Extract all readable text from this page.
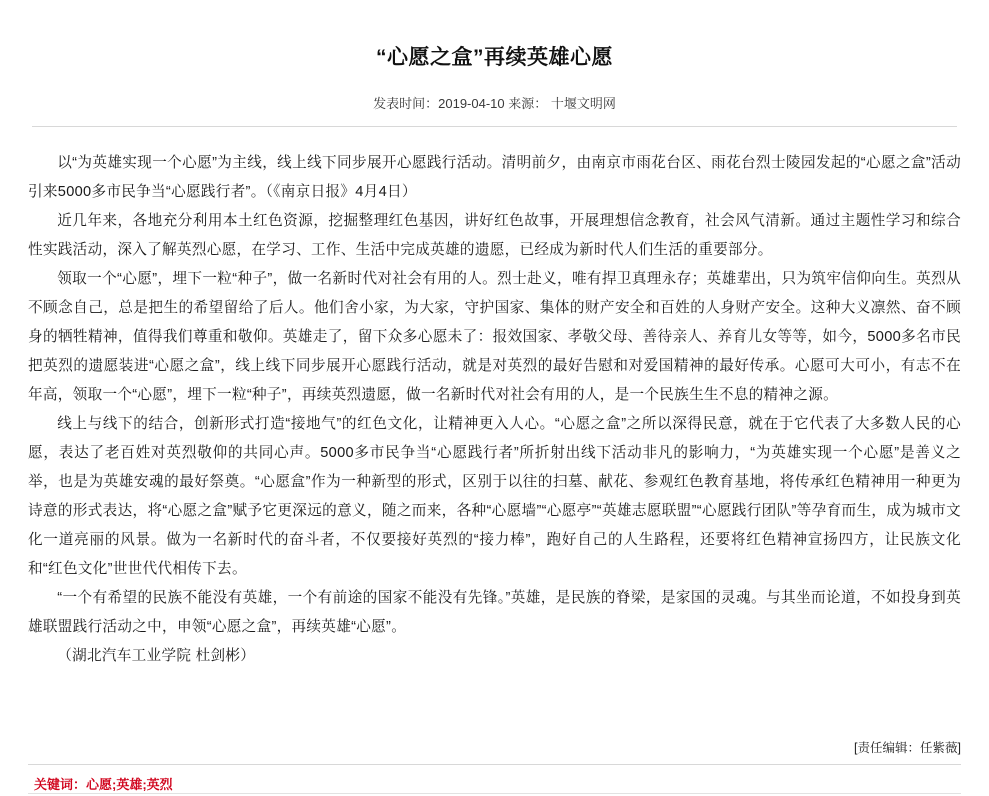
“心愿之盒”再续英雄心愿
发表时间：2019-04-10 来源： 十堰文明网

以“为英雄实现一个心愿”为主线，线上线下同步展开心愿践行活动。清明前夕，由南京市雨花台区、雨花台烈士陵园发起的“心愿之盒”活动引来5000多市民争当“心愿践行者”。（《南京日报》4月4日）

近几年来，各地充分利用本土红色资源，挖掘整理红色基因，讲好红色故事，开展理想信念教育，社会风气清新。通过主题性学习和综合性实践活动，深入了解英烈心愿，在学习、工作、生活中完成英雄的遗愿，已经成为新时代人们生活的重要部分。

领取一个“心愿”，埋下一粒“种子”，做一名新时代对社会有用的人。烈士赴义，唯有捍卫真理永存；英雄辈出，只为筑牢信仰向生。英烈从不顾念自己，总是把生的希望留给了后人。他们舍小家，为大家，守护国家、集体的财产安全和百姓的人身财产安全。这种大义凛然、奋不顾身的牺牲精神，值得我们尊重和敬仰。英雄走了，留下众多心愿未了：报效国家、孝敬父母、善待亲人、养育儿女等等，如今，5000多名市民把英烈的遗愿装进“心愿之盒”，线上线下同步展开心愿践行活动，就是对英烈的最好告慰和对爱国精神的最好传承。心愿可大可小，有志不在年高，领取一个“心愿”，埋下一粒“种子”，再续英烈遗愿，做一名新时代对社会有用的人，是一个民族生生不息的精神之源。

线上与线下的结合，创新形式打造“接地气”的红色文化，让精神更入人心。“心愿之盒”之所以深得民意，就在于它代表了大多数人民的心愿，表达了老百姓对英烈敬仰的共同心声。5000多市民争当“心愿践行者”所折射出线下活动非凡的影响力，“为英雄实现一个心愿”是善义之举，也是为英雄安魂的最好祭奠。“心愿盒”作为一种新型的形式，区别于以往的扫墓、献花、参观红色教育基地，将传承红色精神用一种更为诗意的形式表达，将“心愿之盒”赋予它更深远的意义，随之而来，各种“心愿墙”“心愿亭”“英雄志愿联盟”“心愿践行团队”等孕育而生，成为城市文化一道亮丽的风景。做为一名新时代的奋斗者，不仅要接好英烈的“接力棒”，跑好自己的人生路程，还要将红色精神宣扬四方，让民族文化和“红色文化”世世代代相传下去。

“一个有希望的民族不能没有英雄，一个有前途的国家不能没有先锋。”英雄，是民族的脊梁，是家国的灵魂。与其坐而论道，不如投身到英雄联盟践行活动之中，申领“心愿之盒”，再续英雄“心愿”。

（湖北汽车工业学院 杜剑彬）

[责任编辑：任紫薇]
关键词：心愿;英雄;英烈
